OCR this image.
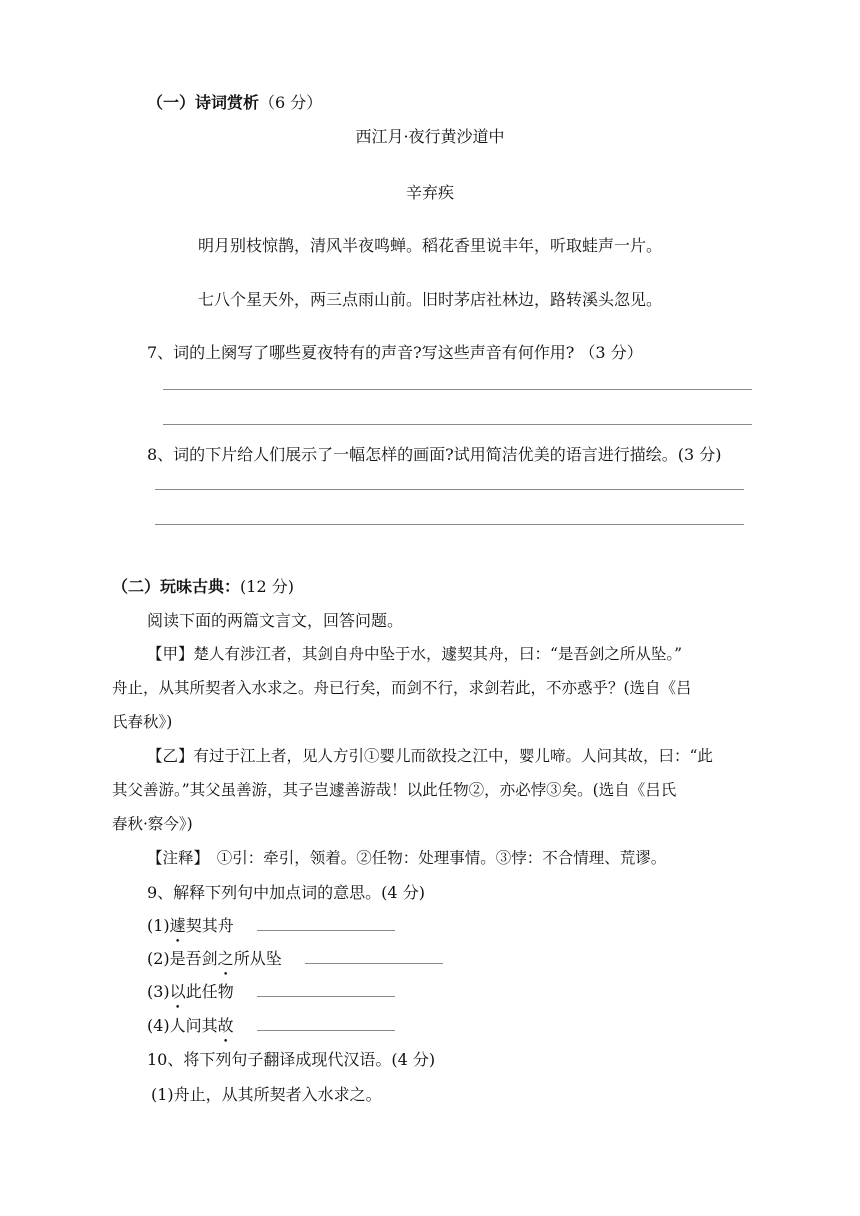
（一）诗词赏析（6 分）
西江月·夜行黄沙道中
辛弃疾
明月别枝惊鹊，清风半夜鸣蝉。稻花香里说丰年，听取蛙声一片。
七八个星天外，两三点雨山前。旧时茅店社林边，路转溪头忽见。
7、词的上阕写了哪些夏夜特有的声音?写这些声音有何作用? （3 分）
8、词的下片给人们展示了一幅怎样的画面?试用简洁优美的语言进行描绘。(3 分)
（二）玩味古典：(12 分)
阅读下面的两篇文言文，回答问题。
【甲】楚人有涉江者，其剑自舟中坠于水，遽契其舟，曰：“是吾剑之所从坠。”
舟止，从其所契者入水求之。舟已行矣，而剑不行，求剑若此，不亦惑乎？(选自《吕
氏春秋》)
【乙】有过于江上者，见人方引①婴儿而欲投之江中，婴儿啼。人问其故，曰：“此
其父善游。”其父虽善游，其子岂遽善游哉！以此任物②，亦必悖③矣。(选自《吕氏
春秋·察今》)
【注释】　①引：牵引，领着。②任物：处理事情。③悖：不合情理、荒谬。
9、解释下列句中加点词的意思。(4 分)
(1)遽契其舟
(2)是吾剑之所从坠
(3)以此任物
(4)人问其故
10、将下列句子翻译成现代汉语。(4 分)
(1)舟止，从其所契者入水求之。
